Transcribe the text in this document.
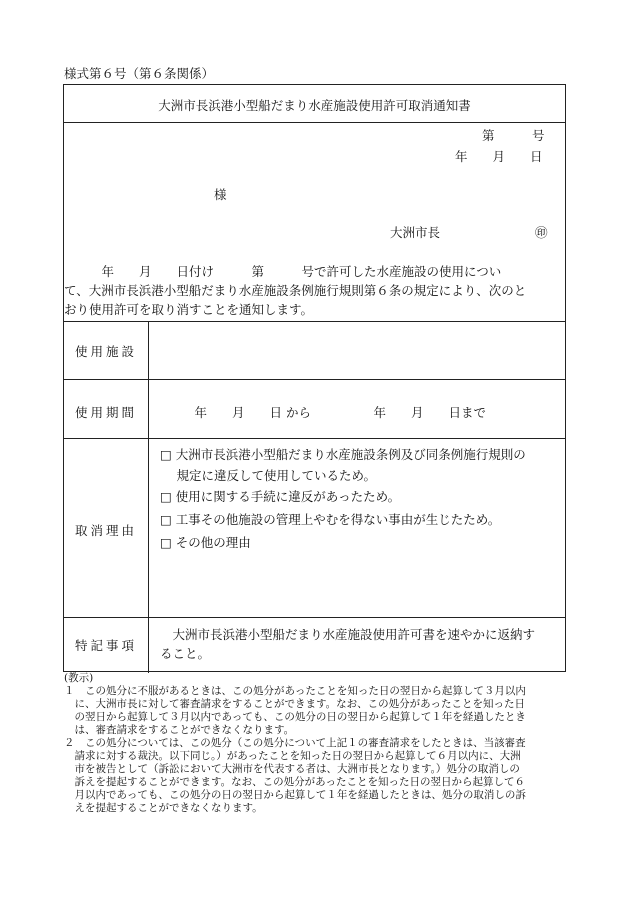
様式第６号（第６条関係）
大洲市長浜港小型船だまり水産施設使用許可取消通知書
第　　　号
年　　月　　日
様
大洲市長	㊞
　　　年　　月　　日付け　　　第　　　号で許可した水産施設の使用につい
て、大洲市長浜港小型船だまり水産施設条例施行規則第６条の規定により、次のと
おり使用許可を取り消すことを通知します。
使用施設
使用期間	　年　　月　　日 から　　　　　年　　月　　日まで
取消理由
□ 大洲市長浜港小型船だまり水産施設条例及び同条例施行規則の
　 規定に違反して使用しているため。
□ 使用に関する手続に違反があったため。
□ 工事その他施設の管理上やむを得ない事由が生じたため。
□ その他の理由
特記事項
　大洲市長浜港小型船だまり水産施設使用許可書を速やかに返納す
ること。
(教示)
１　この処分に不服があるときは、この処分があったことを知った日の翌日から起算して３月以内
　に、大洲市長に対して審査請求をすることができます。なお、この処分があったことを知った日
　の翌日から起算して３月以内であっても、この処分の日の翌日から起算して１年を経過したとき
　は、審査請求をすることができなくなります。
２　この処分については、この処分（この処分について上記１の審査請求をしたときは、当該審査
　請求に対する裁決。以下同じ。）があったことを知った日の翌日から起算して６月以内に、大洲
　市を被告として（訴訟において大洲市を代表する者は、大洲市長となります。）処分の取消しの
　訴えを提起することができます。なお、この処分があったことを知った日の翌日から起算して６
　月以内であっても、この処分の日の翌日から起算して１年を経過したときは、処分の取消しの訴
　えを提起することができなくなります。
